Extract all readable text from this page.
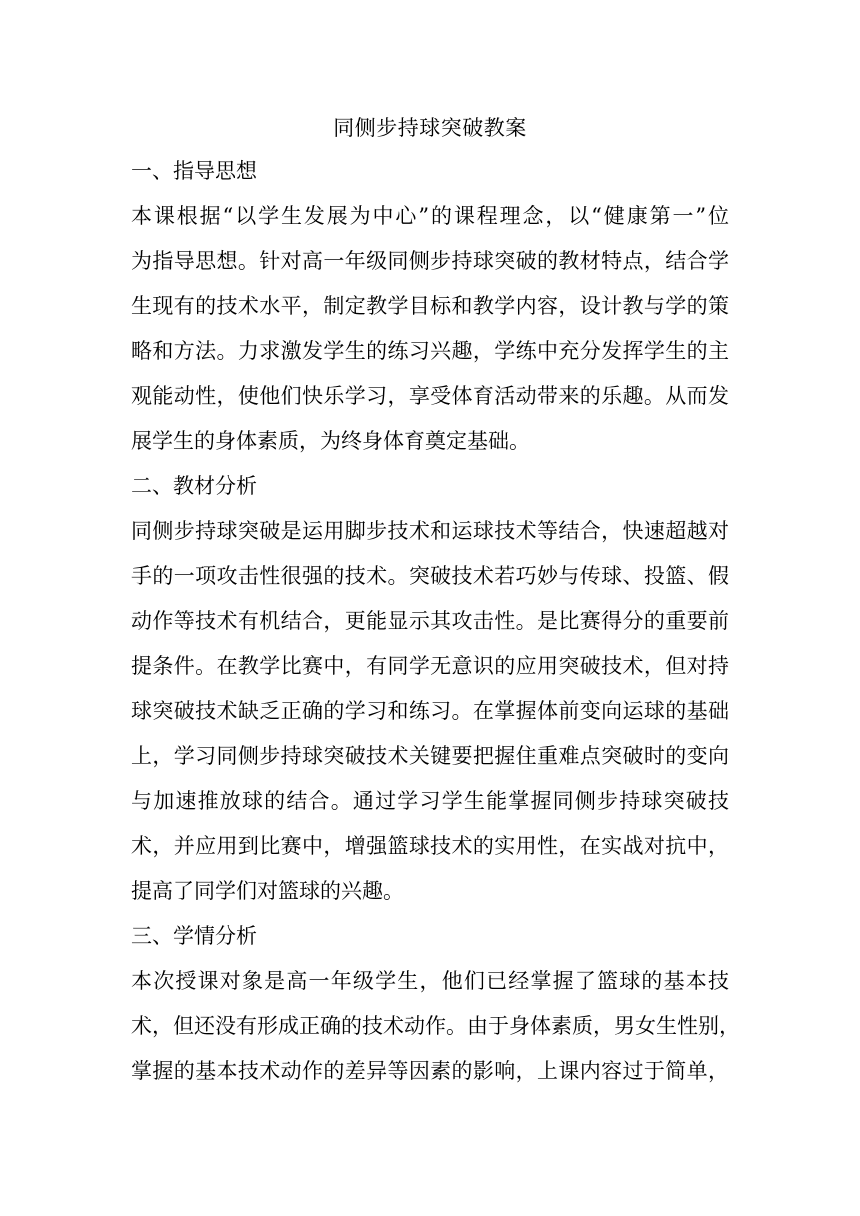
同侧步持球突破教案
一、指导思想
本课根据“以学生发展为中心”的课程理念，以“健康第一”位
为指导思想。针对高一年级同侧步持球突破的教材特点，结合学
生现有的技术水平，制定教学目标和教学内容，设计教与学的策
略和方法。力求激发学生的练习兴趣，学练中充分发挥学生的主
观能动性，使他们快乐学习，享受体育活动带来的乐趣。从而发
展学生的身体素质，为终身体育奠定基础。
二、教材分析
同侧步持球突破是运用脚步技术和运球技术等结合，快速超越对
手的一项攻击性很强的技术。突破技术若巧妙与传球、投篮、假
动作等技术有机结合，更能显示其攻击性。是比赛得分的重要前
提条件。在教学比赛中，有同学无意识的应用突破技术，但对持
球突破技术缺乏正确的学习和练习。在掌握体前变向运球的基础
上，学习同侧步持球突破技术关键要把握住重难点突破时的变向
与加速推放球的结合。通过学习学生能掌握同侧步持球突破技
术，并应用到比赛中，增强篮球技术的实用性，在实战对抗中，
提高了同学们对篮球的兴趣。
三、学情分析
本次授课对象是高一年级学生，他们已经掌握了篮球的基本技
术，但还没有形成正确的技术动作。由于身体素质，男女生性别，
掌握的基本技术动作的差异等因素的影响，上课内容过于简单，
